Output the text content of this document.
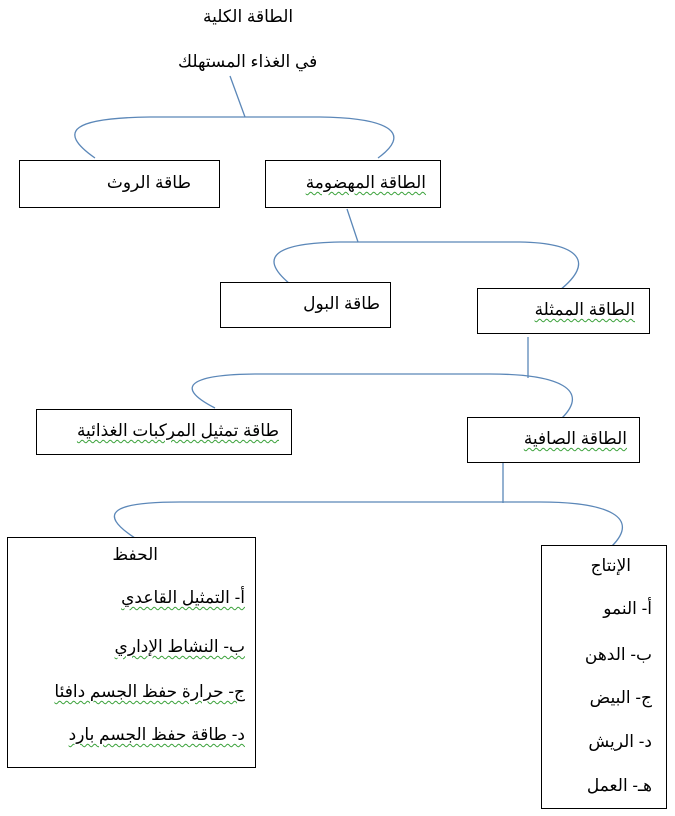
الطاقة الكلية
في الغذاء المستهلك
طاقة الروث	الطاقة المهضومة
طاقة البول	الطاقة الممثلة
طاقة تمثيل المركبات الغذائية	الطاقة الصافية
الحفظ
أ- التمثيل القاعدي
ب- النشاط الإداري
ج- حرارة حفظ الجسم دافئا
د- طاقة حفظ الجسم بارد
الإنتاج
أ- النمو
ب- الدهن
ج- البيض
د- الريش
هـ- العمل
